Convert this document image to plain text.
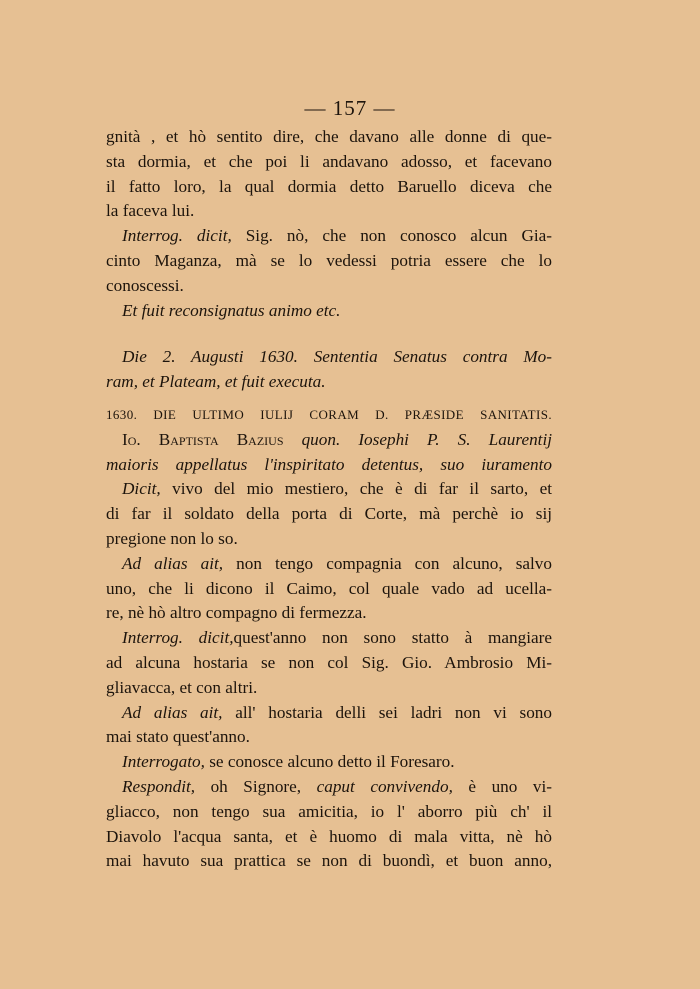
— 157 —
gnità , et hò sentito dire, che davano alle donne di que-
sta dormia, et che poi li andavano adosso, et facevano
il fatto loro, la qual dormia detto Baruello diceva che
la faceva lui.
Interrog. dicit, Sig. nò, che non conosco alcun Gia-
cinto Maganza, mà se lo vedessi potria essere che lo
conoscessi.
Et fuit reconsignatus animo etc.
Die 2. Augusti 1630. Sententia Senatus contra Mo-
ram, et Plateam, et fuit executa.
1630. DIE ULTIMO IULIJ CORAM D. PRÆSIDE SANITATIS.
Io. Baptista Bazius quon. Iosephi P. S. Laurentij
maioris appellatus l'inspiritato detentus, suo iuramento
Dicit, vivo del mio mestiero, che è di far il sarto, et
di far il soldato della porta di Corte, mà perchè io sij
pregione non lo so.
Ad alias ait, non tengo compagnia con alcuno, salvo
uno, che li dicono il Caimo, col quale vado ad ucella-
re, nè hò altro compagno di fermezza.
Interrog. dicit,quest'anno non sono statto à mangiare
ad alcuna hostaria se non col Sig. Gio. Ambrosio Mi-
gliavacca, et con altri.
Ad alias ait, all' hostaria delli sei ladri non vi sono
mai stato quest'anno.
Interrogato, se conosce alcuno detto il Foresaro.
Respondit, oh Signore, caput convivendo, è uno vi-
gliacco, non tengo sua amicitia, io l' aborro più ch' il
Diavolo l'acqua santa, et è huomo di mala vitta, nè hò
mai havuto sua prattica se non di buondì, et buon anno,
